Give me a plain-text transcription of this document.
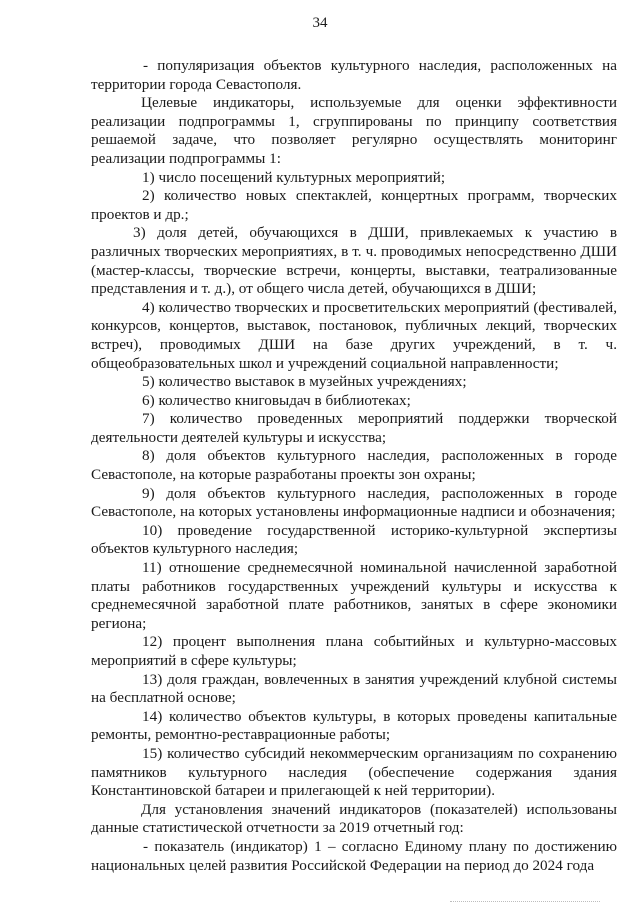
34

- популяризация объектов культурного наследия, расположенных на территории города Севастополя.

Целевые индикаторы, используемые для оценки эффективности реализации подпрограммы 1, сгруппированы по принципу соответствия решаемой задаче, что позволяет регулярно осуществлять мониторинг реализации подпрограммы 1:

1) число посещений культурных мероприятий;

2) количество новых спектаклей, концертных программ, творческих проектов и др.;

3) доля детей, обучающихся в ДШИ, привлекаемых к участию в различных творческих мероприятиях, в т. ч. проводимых непосредственно ДШИ (мастер-классы, творческие встречи, концерты, выставки, театрализованные представления и т. д.), от общего числа детей, обучающихся в ДШИ;

4) количество творческих и просветительских мероприятий (фестивалей, конкурсов, концертов, выставок, постановок, публичных лекций, творческих встреч), проводимых ДШИ на базе других учреждений, в т. ч. общеобразовательных школ и учреждений социальной направленности;

5) количество выставок в музейных учреждениях;

6) количество книговыдач в библиотеках;

7) количество проведенных мероприятий поддержки творческой деятельности деятелей культуры и искусства;

8) доля объектов культурного наследия, расположенных в городе Севастополе, на которые разработаны проекты зон охраны;

9) доля объектов культурного наследия, расположенных в городе Севастополе, на которых установлены информационные надписи и обозначения;

10) проведение государственной историко-культурной экспертизы объектов культурного наследия;

11) отношение среднемесячной номинальной начисленной заработной платы работников государственных учреждений культуры и искусства к среднемесячной заработной плате работников, занятых в сфере экономики региона;

12) процент выполнения плана событийных и культурно-массовых мероприятий в сфере культуры;

13) доля граждан, вовлеченных в занятия учреждений клубной системы на бесплатной основе;

14) количество объектов культуры, в которых проведены капитальные ремонты, ремонтно-реставрационные работы;

15) количество субсидий некоммерческим организациям по сохранению памятников культурного наследия (обеспечение содержания здания Константиновской батареи и прилегающей к ней территории).

Для установления значений индикаторов (показателей) использованы данные статистической отчетности за 2019 отчетный год:

- показатель (индикатор) 1 – согласно Единому плану по достижению национальных целей развития Российской Федерации на период до 2024 года
